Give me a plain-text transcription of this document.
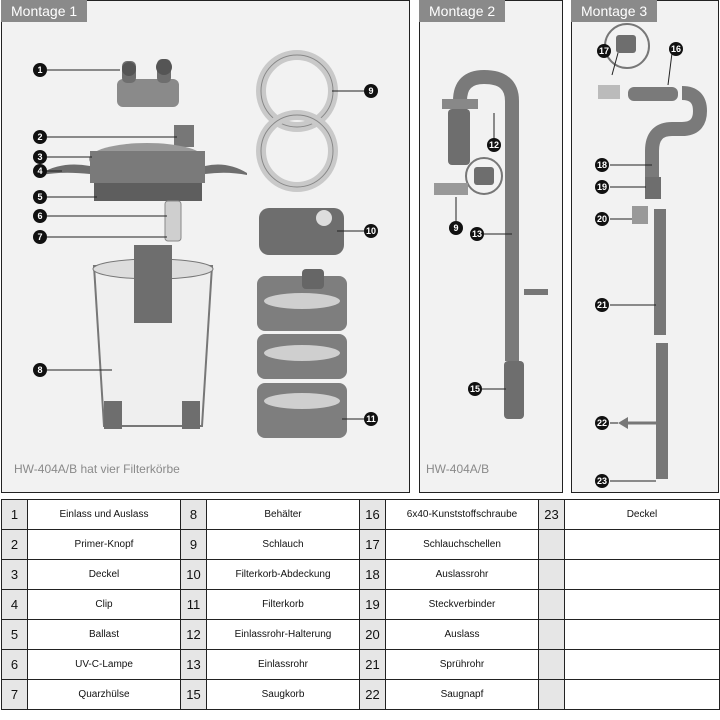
Montage 1
1
2
3
4
5
6
7
8
9
10
11
HW-404A/B hat vier Filterkörbe
Montage 2
12
9
13
15
HW-404A/B
Montage 3
17	16
18
19
20
21
22
23
1	Einlass und Auslass	8	Behälter	16	6x40-Kunststoffschraube	23	Deckel
2	Primer-Knopf	9	Schlauch	17	Schlauchschellen		
3	Deckel	10	Filterkorb-Abdeckung	18	Auslassrohr		
4	Clip	11	Filterkorb	19	Steckverbinder		
5	Ballast	12	Einlassrohr-Halterung	20	Auslass		
6	UV-C-Lampe	13	Einlassrohr	21	Sprührohr		
7	Quarzhülse	15	Saugkorb	22	Saugnapf		
